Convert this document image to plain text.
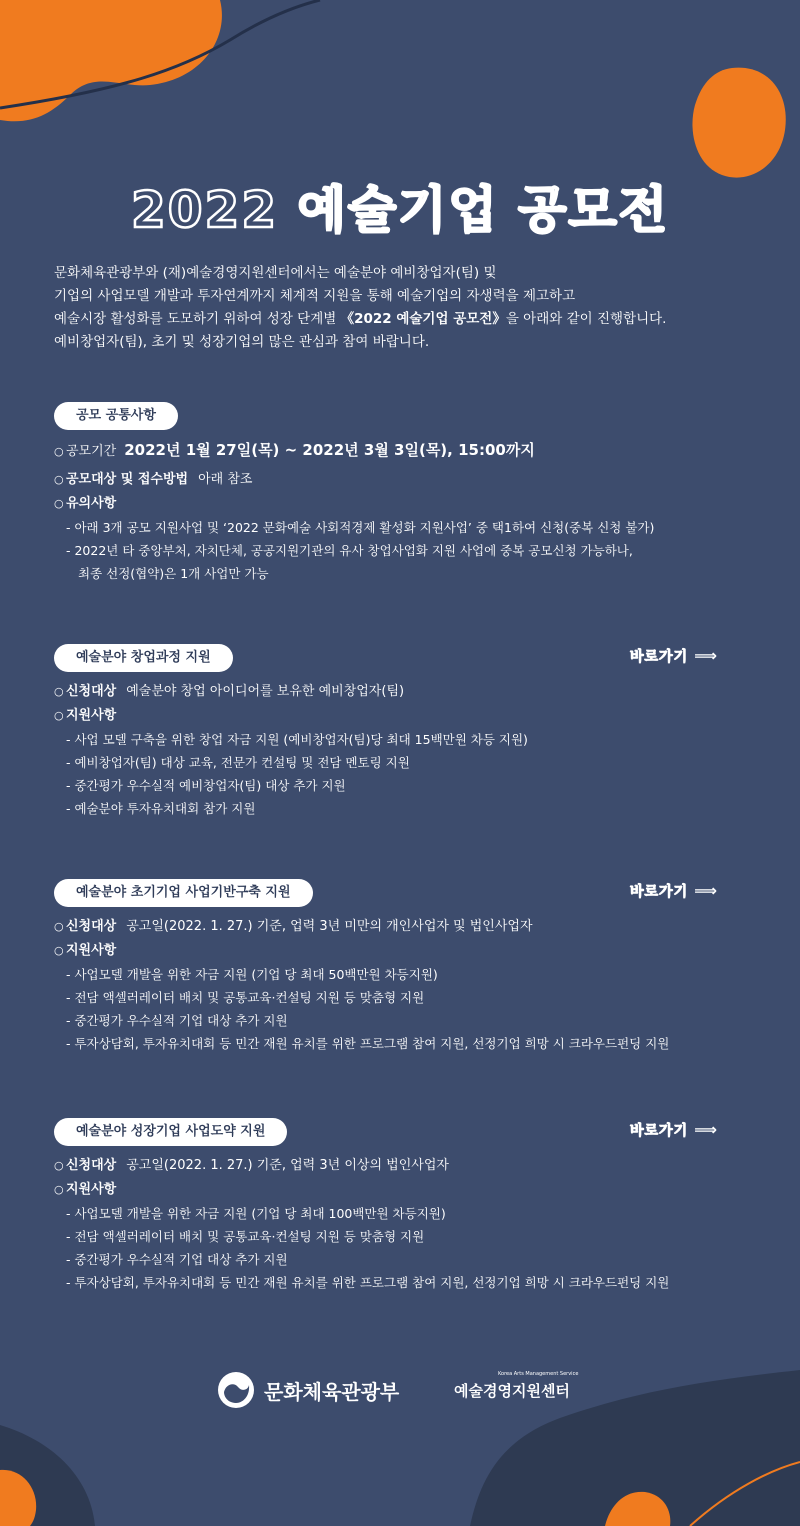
2022 예술기업 공모전

문화체육관광부와 (재)예술경영지원센터에서는 예술분야 예비창업자(팀) 및

기업의 사업모델 개발과 투자연계까지 체계적 지원을 통해 예술기업의 자생력을 제고하고

예술시장 활성화를 도모하기 위하여 성장 단계별 《2022 예술기업 공모전》을 아래와 같이 진행합니다.

예비창업자(팀), 초기 및 성장기업의 많은 관심과 참여 바랍니다.

공모 공통사항
○ 공모기간 2022년 1월 27일(목) ~ 2022년 3월 3일(목), 15:00까지
○ 공모대상 및 접수방법 아래 참조
○ 유의사항
- 아래 3개 공모 지원사업 및 ‘2022 문화예술 사회적경제 활성화 지원사업’ 중 택1하여 신청(중복 신청 불가)
- 2022년 타 중앙부처, 자치단체, 공공지원기관의 유사 창업사업화 지원 사업에 중복 공모신청 가능하나,
최종 선정(협약)은 1개 사업만 가능
예술분야 창업과정 지원	바로가기 ⟹
○ 신청대상 예술분야 창업 아이디어를 보유한 예비창업자(팀)
○ 지원사항
- 사업 모델 구축을 위한 창업 자금 지원 (예비창업자(팀)당 최대 15백만원 차등 지원)
- 예비창업자(팀) 대상 교육, 전문가 컨설팅 및 전담 멘토링 지원
- 중간평가 우수실적 예비창업자(팀) 대상 추가 지원
- 예술분야 투자유치대회 참가 지원
예술분야 초기기업 사업기반구축 지원	바로가기 ⟹
○ 신청대상 공고일(2022. 1. 27.) 기준, 업력 3년 미만의 개인사업자 및 법인사업자
○ 지원사항
- 사업모델 개발을 위한 자금 지원 (기업 당 최대 50백만원 차등지원)
- 전담 액셀러레이터 배치 및 공통교육·컨설팅 지원 등 맞춤형 지원
- 중간평가 우수실적 기업 대상 추가 지원
- 투자상담회, 투자유치대회 등 민간 재원 유치를 위한 프로그램 참여 지원, 선정기업 희망 시 크라우드펀딩 지원
예술분야 성장기업 사업도약 지원	바로가기 ⟹
○ 신청대상 공고일(2022. 1. 27.) 기준, 업력 3년 이상의 법인사업자
○ 지원사항
- 사업모델 개발을 위한 자금 지원 (기업 당 최대 100백만원 차등지원)
- 전담 액셀러레이터 배치 및 공통교육·컨설팅 지원 등 맞춤형 지원
- 중간평가 우수실적 기업 대상 추가 지원
- 투자상담회, 투자유치대회 등 민간 재원 유치를 위한 프로그램 참여 지원, 선정기업 희망 시 크라우드펀딩 지원
문화체육관광부
Korea Arts Management Service
예술경영지원센터
